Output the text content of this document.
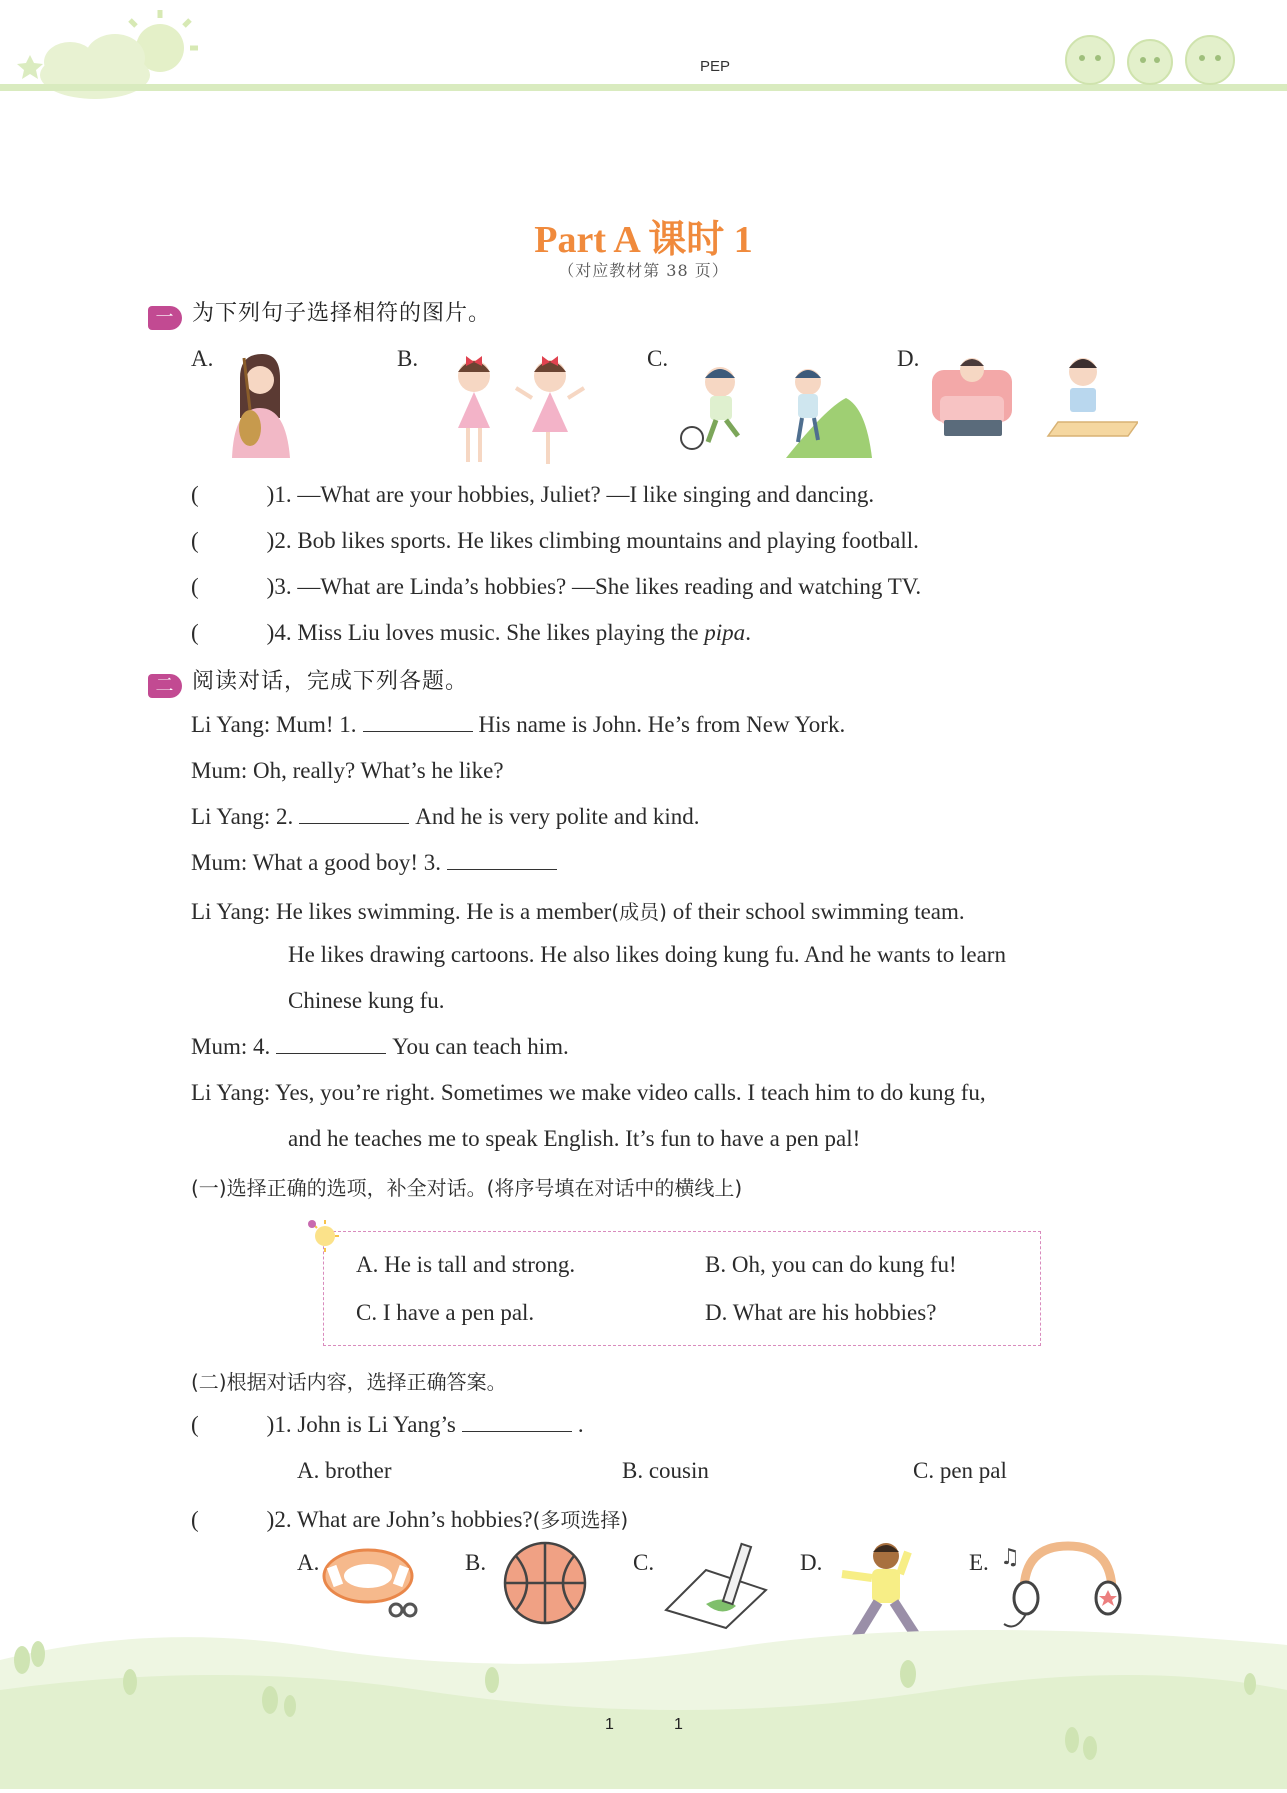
PEP
Part A 课时 1
（对应教材第 38 页）
一 为下列句子选择相符的图片。
A.	B.	C.	D.
(	)1. —What are your hobbies, Juliet? —I like singing and dancing.
(	)2. Bob likes sports. He likes climbing mountains and playing football.
(	)3. —What are Linda’s hobbies? —She likes reading and watching TV.
(	)4. Miss Liu loves music. She likes playing the pipa.
二 阅读对话，完成下列各题。
Li Yang: Mum! 1.	His name is John. He’s from New York.
Mum: Oh, really? What’s he like?
Li Yang: 2.	And he is very polite and kind.
Mum: What a good boy! 3.
Li Yang: He likes swimming. He is a member(成员) of their school swimming team.
He likes drawing cartoons. He also likes doing kung fu. And he wants to learn
Chinese kung fu.
Mum: 4.	You can teach him.
Li Yang: Yes, you’re right. Sometimes we make video calls. I teach him to do kung fu,
and he teaches me to speak English. It’s fun to have a pen pal!
(一)选择正确的选项，补全对话。(将序号填在对话中的横线上)
A. He is tall and strong.	B. Oh, you can do kung fu!
C. I have a pen pal.	D. What are his hobbies?
(二)根据对话内容，选择正确答案。
(	)1. John is Li Yang’s	.
A. brother	B. cousin	C. pen pal
(	)2. What are John’s hobbies?(多项选择)
A.	B.	C.	D.	E. ♫
1	1
